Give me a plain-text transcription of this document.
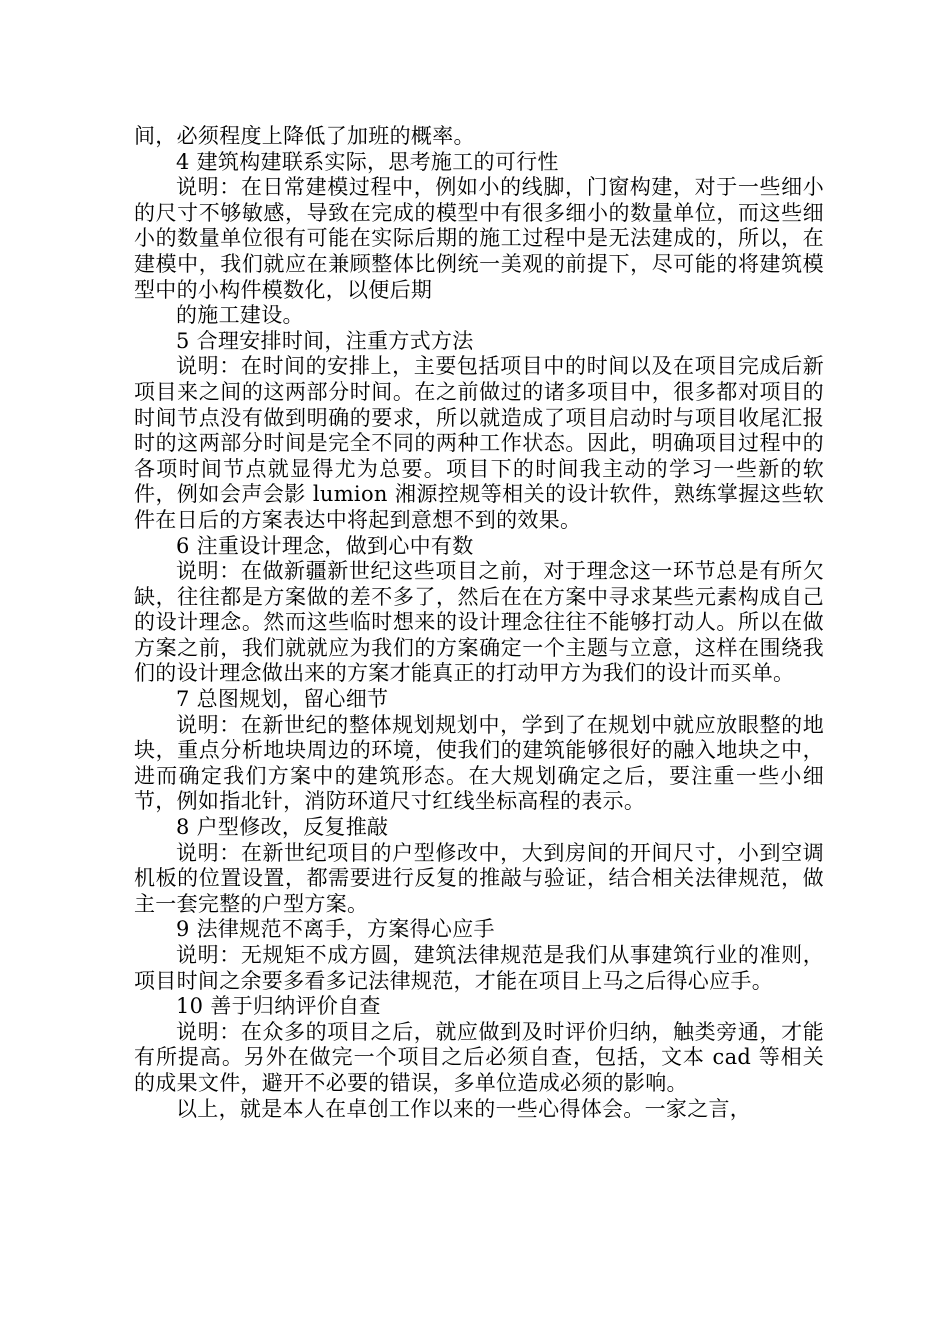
间，必须程度上降低了加班的概率。

4 建筑构建联系实际，思考施工的可行性

说明：在日常建模过程中，例如小的线脚，门窗构建，对于一些细小的尺寸不够敏感，导致在完成的模型中有很多细小的数量单位，而这些细小的数量单位很有可能在实际后期的施工过程中是无法建成的，所以，在建模中，我们就应在兼顾整体比例统一美观的前提下，尽可能的将建筑模型中的小构件模数化，以便后期

的施工建设。

5 合理安排时间，注重方式方法

说明：在时间的安排上，主要包括项目中的时间以及在项目完成后新项目来之间的这两部分时间。在之前做过的诸多项目中，很多都对项目的时间节点没有做到明确的要求，所以就造成了项目启动时与项目收尾汇报时的这两部分时间是完全不同的两种工作状态。因此，明确项目过程中的各项时间节点就显得尤为总要。项目下的时间我主动的学习一些新的软件，例如会声会影 lumion 湘源控规等相关的设计软件，熟练掌握这些软件在日后的方案表达中将起到意想不到的效果。

6 注重设计理念，做到心中有数

说明：在做新疆新世纪这些项目之前，对于理念这一环节总是有所欠缺，往往都是方案做的差不多了，然后在在方案中寻求某些元素构成自己的设计理念。然而这些临时想来的设计理念往往不能够打动人。所以在做方案之前，我们就就应为我们的方案确定一个主题与立意，这样在围绕我们的设计理念做出来的方案才能真正的打动甲方为我们的设计而买单。

7 总图规划，留心细节

说明：在新世纪的整体规划规划中，学到了在规划中就应放眼整的地块，重点分析地块周边的环境，使我们的建筑能够很好的融入地块之中，进而确定我们方案中的建筑形态。在大规划确定之后，要注重一些小细节，例如指北针，消防环道尺寸红线坐标高程的表示。

8 户型修改，反复推敲

说明：在新世纪项目的户型修改中，大到房间的开间尺寸，小到空调机板的位置设置，都需要进行反复的推敲与验证，结合相关法律规范，做主一套完整的户型方案。

9 法律规范不离手，方案得心应手

说明：无规矩不成方圆，建筑法律规范是我们从事建筑行业的准则，项目时间之余要多看多记法律规范，才能在项目上马之后得心应手。

10 善于归纳评价自查

说明：在众多的项目之后，就应做到及时评价归纳，触类旁通，才能有所提高。另外在做完一个项目之后必须自查，包括，文本 cad 等相关的成果文件，避开不必要的错误，多单位造成必须的影响。

以上，就是本人在卓创工作以来的一些心得体会。一家之言，
